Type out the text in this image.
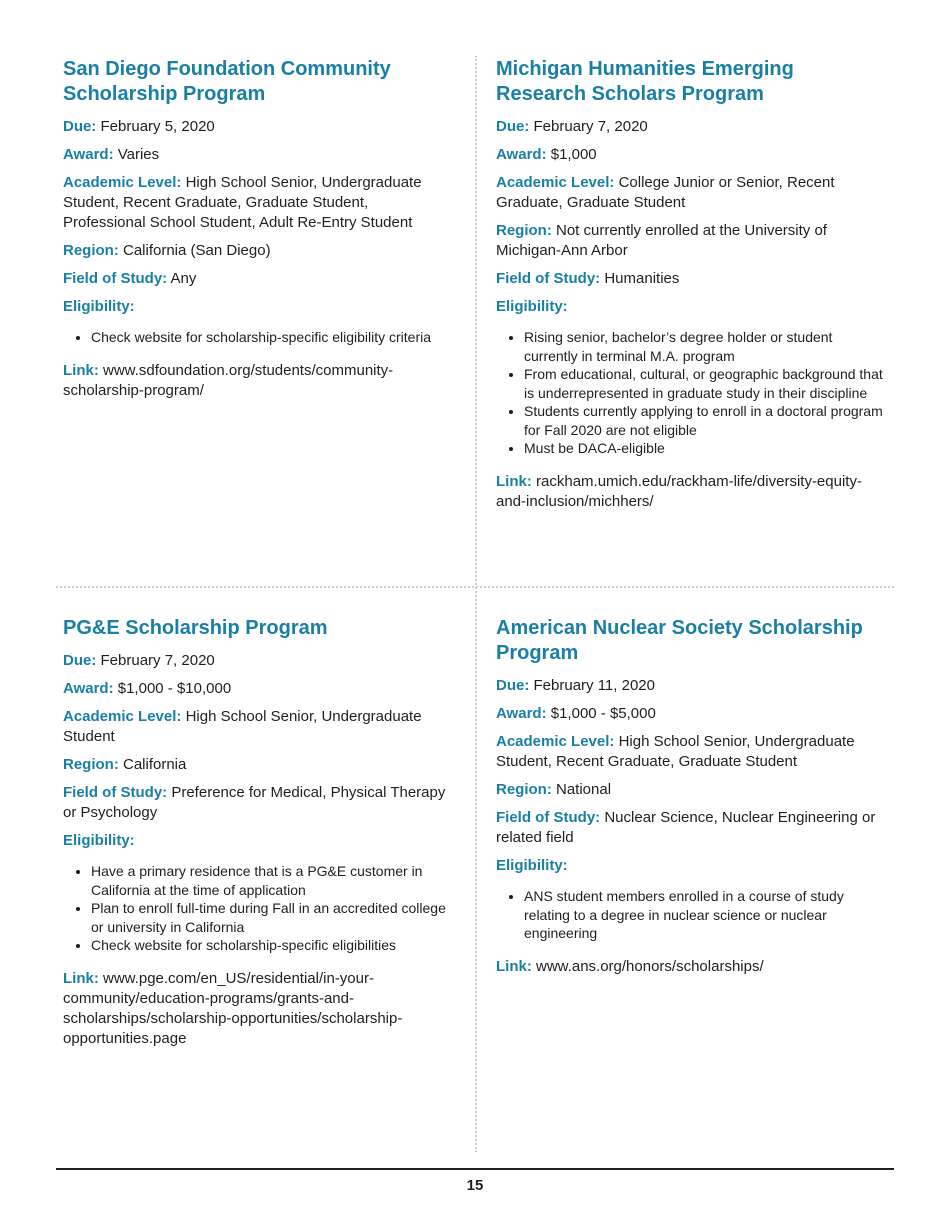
San Diego Foundation Community Scholarship Program

Due: February 5, 2020

Award: Varies

Academic Level: High School Senior, Undergraduate Student, Recent Graduate, Graduate Student, Professional School Student, Adult Re-Entry Student

Region: California (San Diego)

Field of Study: Any

Eligibility:

• Check website for scholarship-specific eligibility criteria

Link: www.sdfoundation.org/students/community-scholarship-program/

Michigan Humanities Emerging Research Scholars Program

Due: February 7, 2020

Award: $1,000

Academic Level: College Junior or Senior, Recent Graduate, Graduate Student

Region: Not currently enrolled at the University of Michigan-Ann Arbor

Field of Study: Humanities

Eligibility:

• Rising senior, bachelor’s degree holder or student currently in terminal M.A. program
• From educational, cultural, or geographic background that is underrepresented in graduate study in their discipline
• Students currently applying to enroll in a doctoral program for Fall 2020 are not eligible
• Must be DACA-eligible

Link: rackham.umich.edu/rackham-life/diversity-equity-and-inclusion/michhers/

PG&E Scholarship Program

Due: February 7, 2020

Award: $1,000 - $10,000

Academic Level: High School Senior, Undergraduate Student

Region: California

Field of Study: Preference for Medical, Physical Therapy or Psychology

Eligibility:

• Have a primary residence that is a PG&E customer in California at the time of application
• Plan to enroll full-time during Fall in an accredited college or university in California
• Check website for scholarship-specific eligibilities

Link: www.pge.com/en_US/residential/in-your-community/education-programs/grants-and-scholarships/scholarship-opportunities/scholarship-opportunities.page

American Nuclear Society Scholarship Program

Due: February 11, 2020

Award: $1,000 - $5,000

Academic Level: High School Senior, Undergraduate Student, Recent Graduate, Graduate Student

Region: National

Field of Study: Nuclear Science, Nuclear Engineering or related field

Eligibility:

• ANS student members enrolled in a course of study relating to a degree in nuclear science or nuclear engineering

Link: www.ans.org/honors/scholarships/

15
